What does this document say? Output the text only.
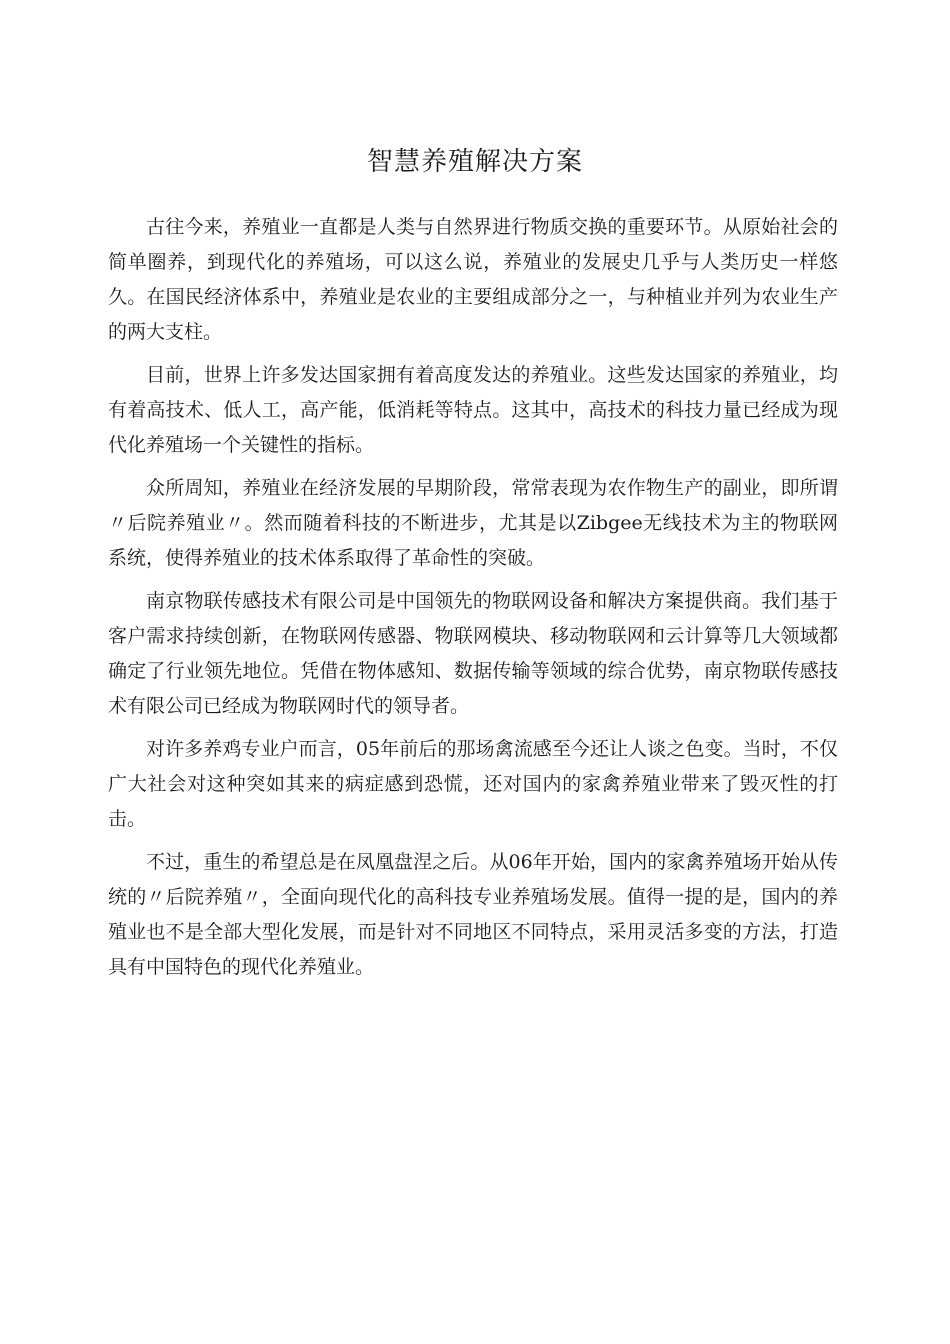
智慧养殖解决方案

古往今来，养殖业一直都是人类与自然界进行物质交换的重要环节。从原始社会的简单圈养，到现代化的养殖场，可以这么说，养殖业的发展史几乎与人类历史一样悠久。在国民经济体系中，养殖业是农业的主要组成部分之一，与种植业并列为农业生产的两大支柱。

目前，世界上许多发达国家拥有着高度发达的养殖业。这些发达国家的养殖业，均有着高技术、低人工，高产能，低消耗等特点。这其中，高技术的科技力量已经成为现代化养殖场一个关键性的指标。

众所周知，养殖业在经济发展的早期阶段，常常表现为农作物生产的副业，即所谓〃后院养殖业〃。然而随着科技的不断进步，尤其是以Zibgee无线技术为主的物联网系统，使得养殖业的技术体系取得了革命性的突破。

南京物联传感技术有限公司是中国领先的物联网设备和解决方案提供商。我们基于客户需求持续创新，在物联网传感器、物联网模块、移动物联网和云计算等几大领域都确定了行业领先地位。凭借在物体感知、数据传输等领域的综合优势，南京物联传感技术有限公司已经成为物联网时代的领导者。

对许多养鸡专业户而言，05年前后的那场禽流感至今还让人谈之色变。当时，不仅广大社会对这种突如其来的病症感到恐慌，还对国内的家禽养殖业带来了毁灭性的打击。

不过，重生的希望总是在凤凰盘涅之后。从06年开始，国内的家禽养殖场开始从传统的〃后院养殖〃，全面向现代化的高科技专业养殖场发展。值得一提的是，国内的养殖业也不是全部大型化发展，而是针对不同地区不同特点，采用灵活多变的方法，打造具有中国特色的现代化养殖业。
